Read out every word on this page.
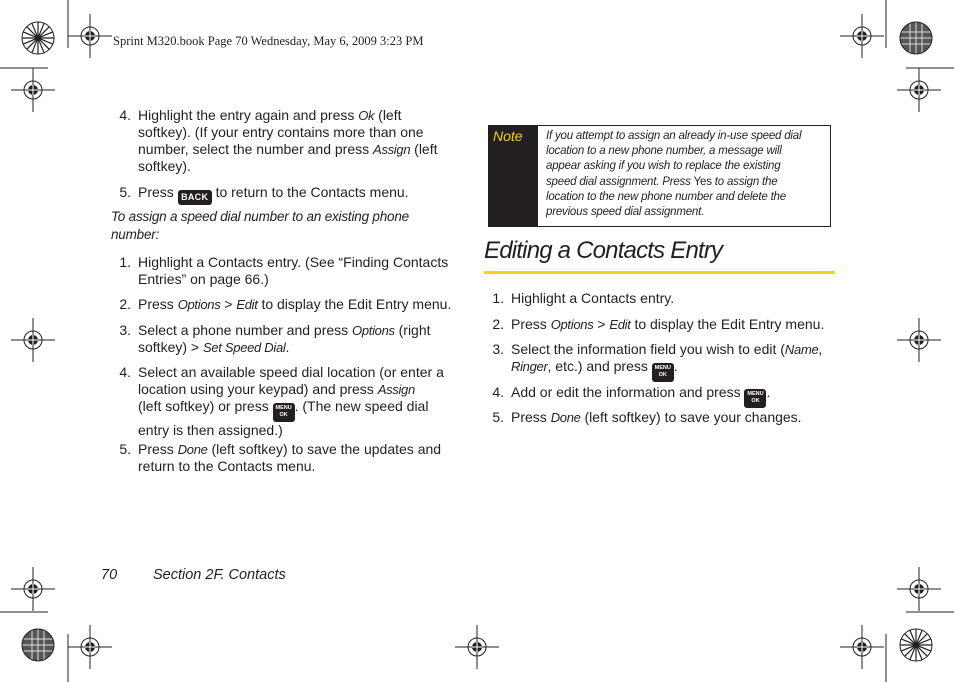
Sprint M320.book Page 70 Wednesday, May 6, 2009 3:23 PM
4. Highlight the entry again and press Ok (left
softkey). (If your entry contains more than one
number, select the number and press Assign (left
softkey).
5. Press BACK to return to the Contacts menu.
To assign a speed dial number to an existing phone
number:
1. Highlight a Contacts entry. (See “Finding Contacts
Entries” on page 66.)
2. Press Options > Edit to display the Edit Entry menu.
3. Select a phone number and press Options (right
softkey) > Set Speed Dial.
4. Select an available speed dial location (or enter a
location using your keypad) and press Assign
(left softkey) or press MENU
OK. (The new speed dial
entry is then assigned.)
5. Press Done (left softkey) to save the updates and
return to the Contacts menu.
Note If you attempt to assign an already in-use speed dial
location to a new phone number, a message will
appear asking if you wish to replace the existing
speed dial assignment. Press Yes to assign the
location to the new phone number and delete the
previous speed dial assignment.
Editing a Contacts Entry
1. Highlight a Contacts entry.
2. Press Options > Edit to display the Edit Entry menu.
3. Select the information field you wish to edit (Name,
Ringer, etc.) and press MENU
OK.
4. Add or edit the information and press MENU
OK.
5. Press Done (left softkey) to save your changes.
70 Section 2F. Contacts
